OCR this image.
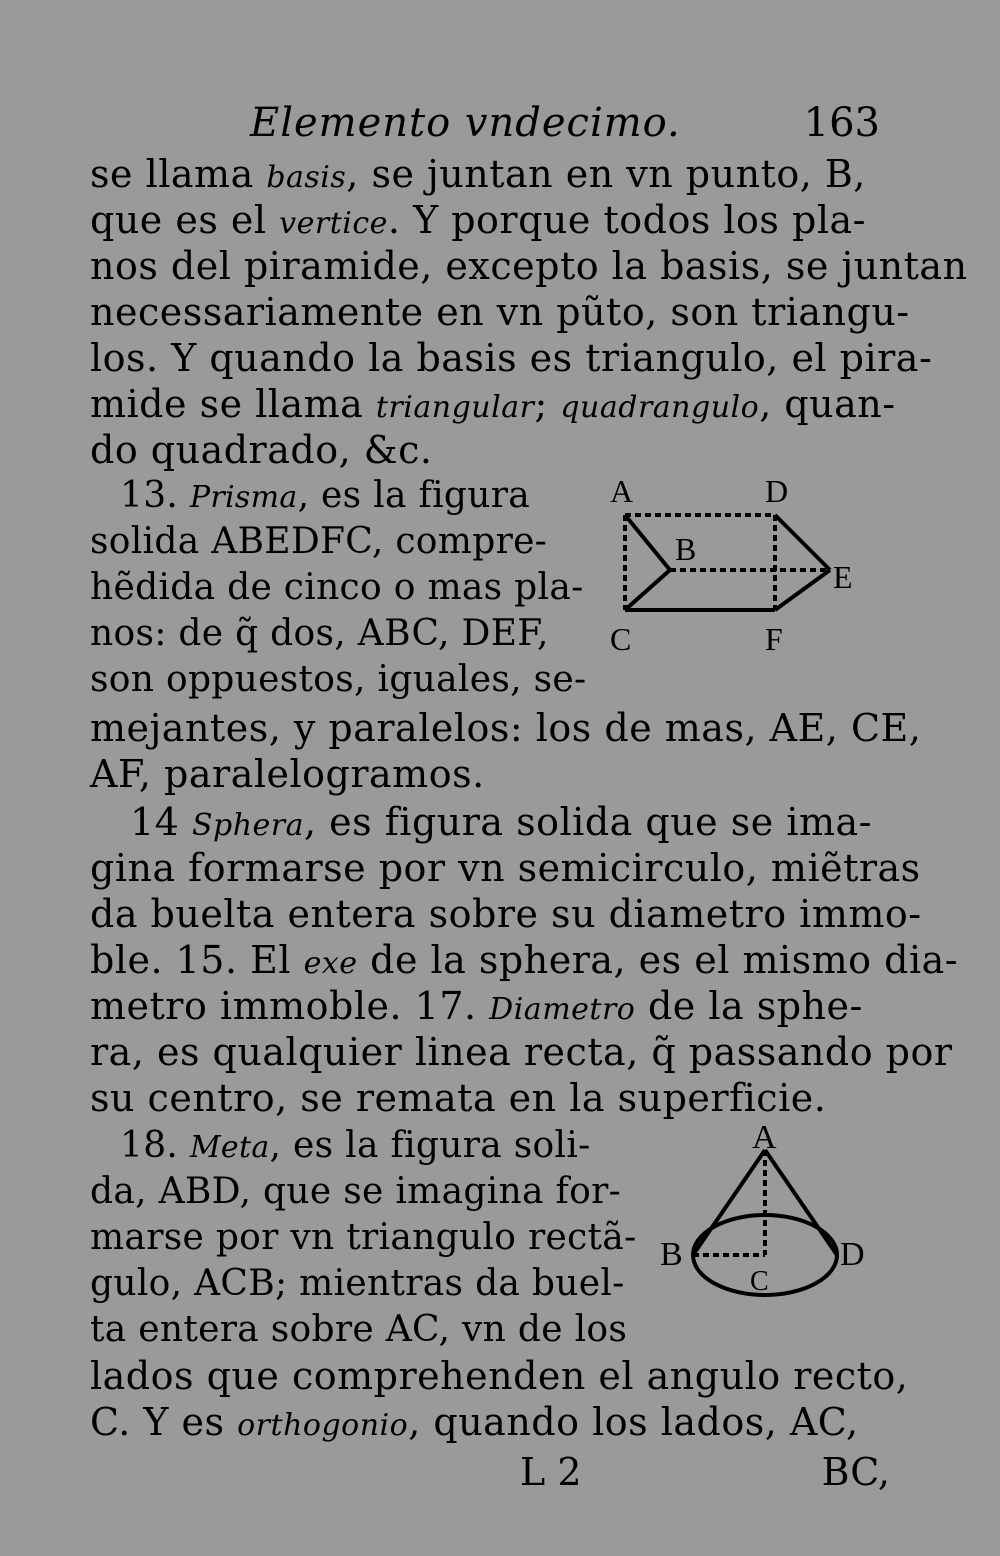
Elemento vndecimo.	163
se llama basis, se juntan en vn punto, B,
que es el vertice. Y porque todos los pla-
nos del piramide, excepto la basis, se juntan
necessariamente en vn pũto, son triangu-
los. Y quando la basis es triangulo, el pira-
mide se llama triangular; quadrangulo, quan-
do quadrado, &c.
13. Prisma, es la figura
solida ABEDFC, compre-
hẽdida de cinco o mas pla-
nos: de q̃ dos, ABC, DEF,
son oppuestos, iguales, se-
A	D
B
E
C	F
mejantes, y paralelos: los de mas, AE, CE,
AF, paralelogramos.
14 Sphera, es figura solida que se ima-
gina formarse por vn semicirculo, miẽtras
da buelta entera sobre su diametro immo-
ble. 15. El exe de la sphera, es el mismo dia-
metro immoble. 17. Diametro de la sphe-
ra, es qualquier linea recta, q̃ passando por
su centro, se remata en la superficie.
18. Meta, es la figura soli-
da, ABD, que se imagina for-
marse por vn triangulo rectã-
gulo, ACB; mientras da buel-
ta entera sobre AC, vn de los
A
B	D
C
lados que comprehenden el angulo recto,
C. Y es orthogonio, quando los lados, AC,
L 2	BC,
